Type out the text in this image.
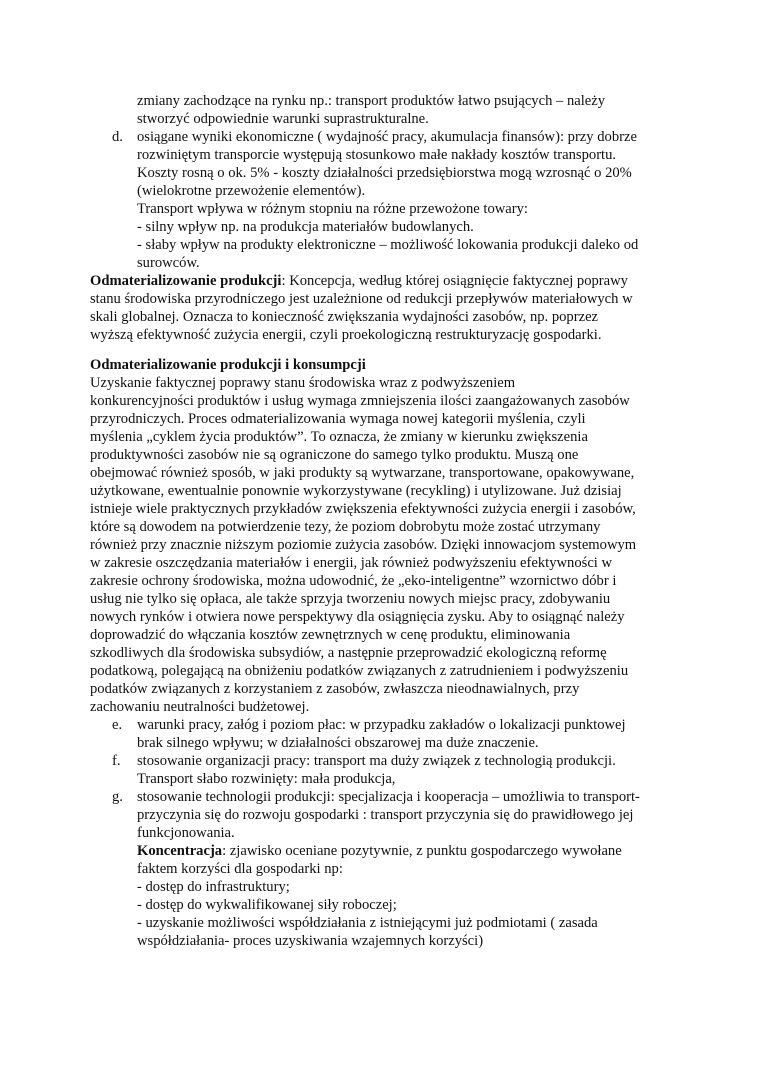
zmiany zachodzące na rynku np.: transport produktów łatwo psujących – należy
stworzyć odpowiednie warunki suprastrukturalne.
d. osiągane wyniki ekonomiczne ( wydajność pracy, akumulacja finansów): przy dobrze
rozwiniętym transporcie występują stosunkowo małe nakłady kosztów transportu.
Koszty rosną o ok. 5% - koszty działalności przedsiębiorstwa mogą wzrosnąć o 20%
(wielokrotne przewożenie elementów).
Transport wpływa w różnym stopniu na różne przewożone towary:
- silny wpływ np. na produkcja materiałów budowlanych.
- słaby wpływ na produkty elektroniczne – możliwość lokowania produkcji daleko od
surowców.
Odmaterializowanie produkcji: Koncepcja, według której osiągnięcie faktycznej poprawy
stanu środowiska przyrodniczego jest uzależnione od redukcji przepływów materiałowych w
skali globalnej. Oznacza to konieczność zwiększania wydajności zasobów, np. poprzez
wyższą efektywność zużycia energii, czyli proekologiczną restrukturyzację gospodarki.
Odmaterializowanie produkcji i konsumpcji
Uzyskanie faktycznej poprawy stanu środowiska wraz z podwyższeniem
konkurencyjności produktów i usług wymaga zmniejszenia ilości zaangażowanych zasobów
przyrodniczych. Proces odmaterializowania wymaga nowej kategorii myślenia, czyli
myślenia „cyklem życia produktów”. To oznacza, że zmiany w kierunku zwiększenia
produktywności zasobów nie są ograniczone do samego tylko produktu. Muszą one
obejmować również sposób, w jaki produkty są wytwarzane, transportowane, opakowywane,
użytkowane, ewentualnie ponownie wykorzystywane (recykling) i utylizowane. Już dzisiaj
istnieje wiele praktycznych przykładów zwiększenia efektywności zużycia energii i zasobów,
które są dowodem na potwierdzenie tezy, że poziom dobrobytu może zostać utrzymany
również przy znacznie niższym poziomie zużycia zasobów. Dzięki innowacjom systemowym
w zakresie oszczędzania materiałów i energii, jak również podwyższeniu efektywności w
zakresie ochrony środowiska, można udowodnić, że „eko-inteligentne” wzornictwo dóbr i
usług nie tylko się opłaca, ale także sprzyja tworzeniu nowych miejsc pracy, zdobywaniu
nowych rynków i otwiera nowe perspektywy dla osiągnięcia zysku. Aby to osiągnąć należy
doprowadzić do włączania kosztów zewnętrznych w cenę produktu, eliminowania
szkodliwych dla środowiska subsydiów, a następnie przeprowadzić ekologiczną reformę
podatkową, polegającą na obniżeniu podatków związanych z zatrudnieniem i podwyższeniu
podatków związanych z korzystaniem z zasobów, zwłaszcza nieodnawialnych, przy
zachowaniu neutralności budżetowej.
e. warunki pracy, załóg i poziom płac: w przypadku zakładów o lokalizacji punktowej
brak silnego wpływu; w działalności obszarowej ma duże znaczenie.
f. stosowanie organizacji pracy: transport ma duży związek z technologią produkcji.
Transport słabo rozwinięty: mała produkcja,
g. stosowanie technologii produkcji: specjalizacja i kooperacja – umożliwia to transport-
przyczynia się do rozwoju gospodarki : transport przyczynia się do prawidłowego jej
funkcjonowania.
Koncentracja: zjawisko oceniane pozytywnie, z punktu gospodarczego wywołane
faktem korzyści dla gospodarki np:
- dostęp do infrastruktury;
- dostęp do wykwalifikowanej siły roboczej;
- uzyskanie możliwości współdziałania z istniejącymi już podmiotami ( zasada
współdziałania- proces uzyskiwania wzajemnych korzyści)
